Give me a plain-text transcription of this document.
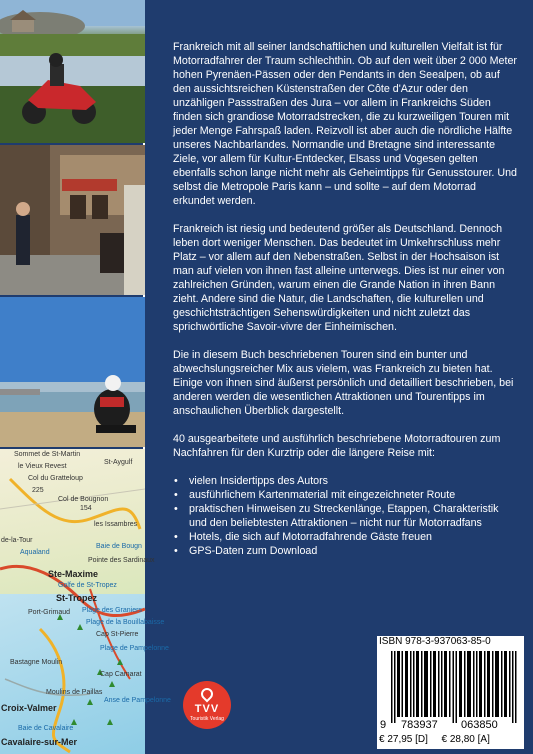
Sommet de St-Martin
St-Aygulf
le Vieux Revest
Col du Gratteloup
225
Col de Bougnon
154
les Issambres
de-la-Tour
Aqualand
Baie de Bougn
Pointe des Sardinaux
Ste-Maxime
Golfe de St-Tropez
St-Tropez
Port-Grimaud Plage des Graniers
Plage de la Bouillabaisse
Cap St-Pierre
Plage de Pampelonne
Bastagne Moulin
Cap Camarat
Moulins de Paillas
Anse de Pampelonne
Croix-Valmer
Baie de Cavalaire
Cavalaire-sur-Mer

Frankreich mit all seiner landschaftlichen und kulturellen Vielfalt ist für Motorradfahrer der Traum schlechthin. Ob auf den weit über 2 000 Meter hohen Pyrenäen-Pässen oder den Pendants in den Seealpen, ob auf den aussichtsreichen Küstenstraßen der Côte d'Azur oder den unzähligen Passstraßen des Jura – vor allem in Frankreichs Süden finden sich grandiose Motorradstrecken, die zu kurzweiligen Touren mit jeder Menge Fahrspaß laden. Reizvoll ist aber auch die nördliche Hälfte unseres Nachbarlandes. Normandie und Bretagne sind interessante Ziele, vor allem für Kultur-Entdecker, Elsass und Vogesen gelten ebenfalls schon lange nicht mehr als Geheimtipps für Genusstourer. Und selbst die Metropole Paris kann – und sollte – auf dem Motorrad erkundet werden.

Frankreich ist riesig und bedeutend größer als Deutschland. Dennoch leben dort weniger Menschen. Das bedeutet im Umkehrschluss mehr Platz – vor allem auf den Nebenstraßen. Selbst in der Hochsaison ist man auf vielen von ihnen fast alleine unterwegs. Dies ist nur einer von zahlreichen Gründen, warum einen die Grande Nation in ihren Bann zieht. Andere sind die Natur, die Landschaften, die kulturellen und geschichtsträchtigen Sehenswürdigkeiten und nicht zuletzt das sprichwörtliche Savoir-vivre der Einheimischen.

Die in diesem Buch beschriebenen Touren sind ein bunter und abwechslungsreicher Mix aus vielem, was Frankreich zu bieten hat. Einige von ihnen sind äußerst persönlich und detailliert beschrieben, bei anderen werden die wesentlichen Attraktionen und Tourentipps im anschaulichen Überblick dargestellt.

40 ausgearbeitete und ausführlich beschriebene Motorradtouren zum Nachfahren für den Kurztrip oder die längere Reise mit:

• vielen Insidertipps des Autors
• ausführlichem Kartenmaterial mit eingezeichneter Route
• praktischen Hinweisen zu Streckenlänge, Etappen, Charakteristik und den beliebtesten Attraktionen – nicht nur für Motorradfans
• Hotels, die sich auf Motorradfahrende Gäste freuen
• GPS-Daten zum Download
TVV
Touristik Verlag
ISBN 978-3-937063-85-0
9 783937 063850
€ 27,95 [D] € 28,80 [A]
